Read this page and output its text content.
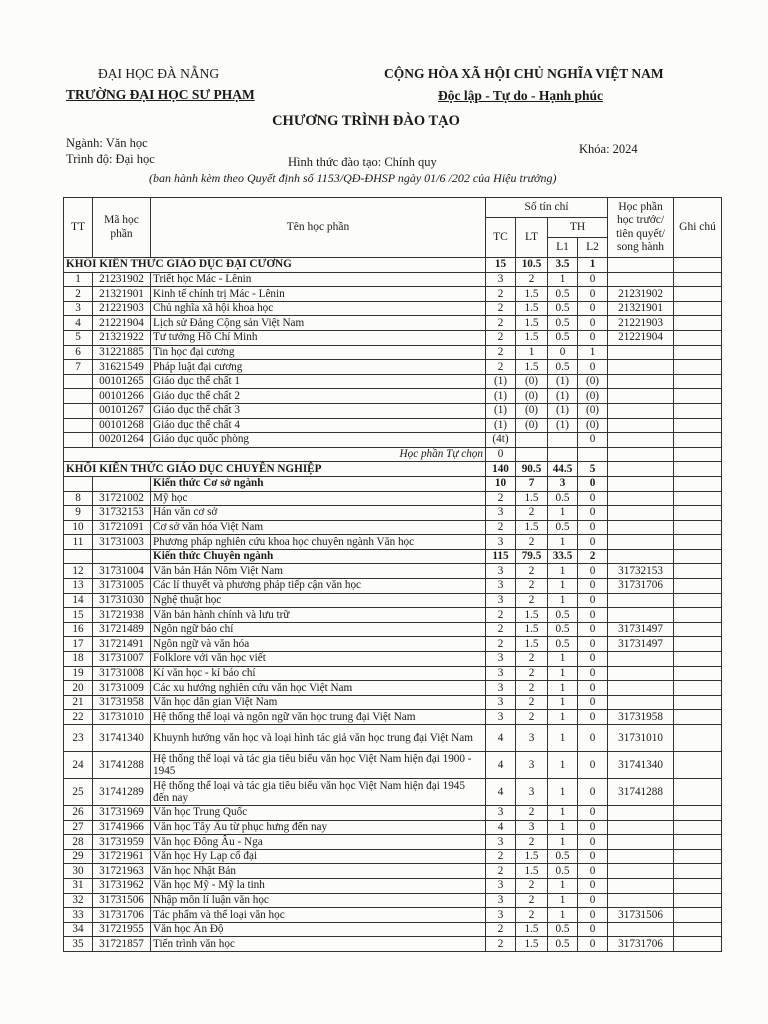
ĐẠI HỌC ĐÀ NẴNG
TRƯỜNG ĐẠI HỌC SƯ PHẠM
CỘNG HÒA XÃ HỘI CHỦ NGHĨA VIỆT NAM
Độc lập - Tự do - Hạnh phúc
CHƯƠNG TRÌNH ĐÀO TẠO
Ngành: Văn học	Khóa: 2024
Trình độ: Đại học	Hình thức đào tạo: Chính quy
(ban hành kèm theo Quyết định số 1153/QĐ-ĐHSP ngày 01/6 /202 của Hiệu trưởng)
TT	Mã học phần	Tên học phần	Số tín chỉ				Học phần học trước/ tiên quyết/ song hành	Ghi chú
			TC	LT	TH			
					L1	L2		
KHỐI KIẾN THỨC GIÁO DỤC ĐẠI CƯƠNG			15	10.5	3.5	1		
1	21231902	Triết học Mác - Lênin	3	2	1	0		
2	21321901	Kinh tế chính trị Mác - Lênin	2	1.5	0.5	0	21231902	
3	21221903	Chủ nghĩa xã hội khoa học	2	1.5	0.5	0	21321901	
4	21221904	Lịch sử Đảng Cộng sản Việt Nam	2	1.5	0.5	0	21221903	
5	21321922	Tư tưởng Hồ Chí Minh	2	1.5	0.5	0	21221904	
6	31221885	Tin học đại cương	2	1	0	1		
7	31621549	Pháp luật đại cương	2	1.5	0.5	0		
	00101265	Giáo dục thể chất 1	(1)	(0)	(1)	(0)		
	00101266	Giáo dục thể chất 2	(1)	(0)	(1)	(0)		
	00101267	Giáo dục thể chất 3	(1)	(0)	(1)	(0)		
	00101268	Giáo dục thể chất 4	(1)	(0)	(1)	(0)		
	00201264	Giáo dục quốc phòng	(4t)			0		
Học phần Tự chọn			0					
KHỐI KIẾN THỨC GIÁO DỤC CHUYÊN NGHIỆP			140	90.5	44.5	5		
		Kiến thức Cơ sở ngành	10	7	3	0		
8	31721002	Mỹ học	2	1.5	0.5	0		
9	31732153	Hán văn cơ sở	3	2	1	0		
10	31721091	Cơ sở văn hóa Việt Nam	2	1.5	0.5	0		
11	31731003	Phương pháp nghiên cứu khoa học chuyên ngành Văn học	3	2	1	0		
		Kiến thức Chuyên ngành	115	79.5	33.5	2		
12	31731004	Văn bản Hán Nôm Việt Nam	3	2	1	0	31732153	
13	31731005	Các lí thuyết và phương pháp tiếp cận văn học	3	2	1	0	31731706	
14	31731030	Nghệ thuật học	3	2	1	0		
15	31721938	Văn bản hành chính và lưu trữ	2	1.5	0.5	0		
16	31721489	Ngôn ngữ báo chí	2	1.5	0.5	0	31731497	
17	31721491	Ngôn ngữ và văn hóa	2	1.5	0.5	0	31731497	
18	31731007	Folklore với văn học viết	3	2	1	0		
19	31731008	Kí văn học - kí báo chí	3	2	1	0		
20	31731009	Các xu hướng nghiên cứu văn học Việt Nam	3	2	1	0		
21	31731958	Văn học dân gian Việt Nam	3	2	1	0		
22	31731010	Hệ thống thể loại và ngôn ngữ văn học trung đại Việt Nam	3	2	1	0	31731958	
23	31741340	Khuynh hướng văn học và loại hình tác giả văn học trung đại Việt Nam	4	3	1	0	31731010	
24	31741288	Hệ thống thể loại và tác gia tiêu biểu văn học Việt Nam hiện đại 1900 - 1945	4	3	1	0	31741340	
25	31741289	Hệ thống thể loại và tác gia tiêu biểu văn học Việt Nam hiện đại 1945 đến nay	4	3	1	0	31741288	
26	31731969	Văn học Trung Quốc	3	2	1	0		
27	31741966	Văn học Tây Âu từ phục hưng đến nay	4	3	1	0		
28	31731959	Văn học Đông Âu - Nga	3	2	1	0		
29	31721961	Văn học Hy Lạp cổ đại	2	1.5	0.5	0		
30	31721963	Văn học Nhật Bản	2	1.5	0.5	0		
31	31731962	Văn học Mỹ - Mỹ la tinh	3	2	1	0		
32	31731506	Nhập môn lí luận văn học	3	2	1	0		
33	31731706	Tác phẩm và thể loại văn học	3	2	1	0	31731506	
34	31721955	Văn học Ấn Độ	2	1.5	0.5	0		
35	31721857	Tiến trình văn học	2	1.5	0.5	0	31731706	
